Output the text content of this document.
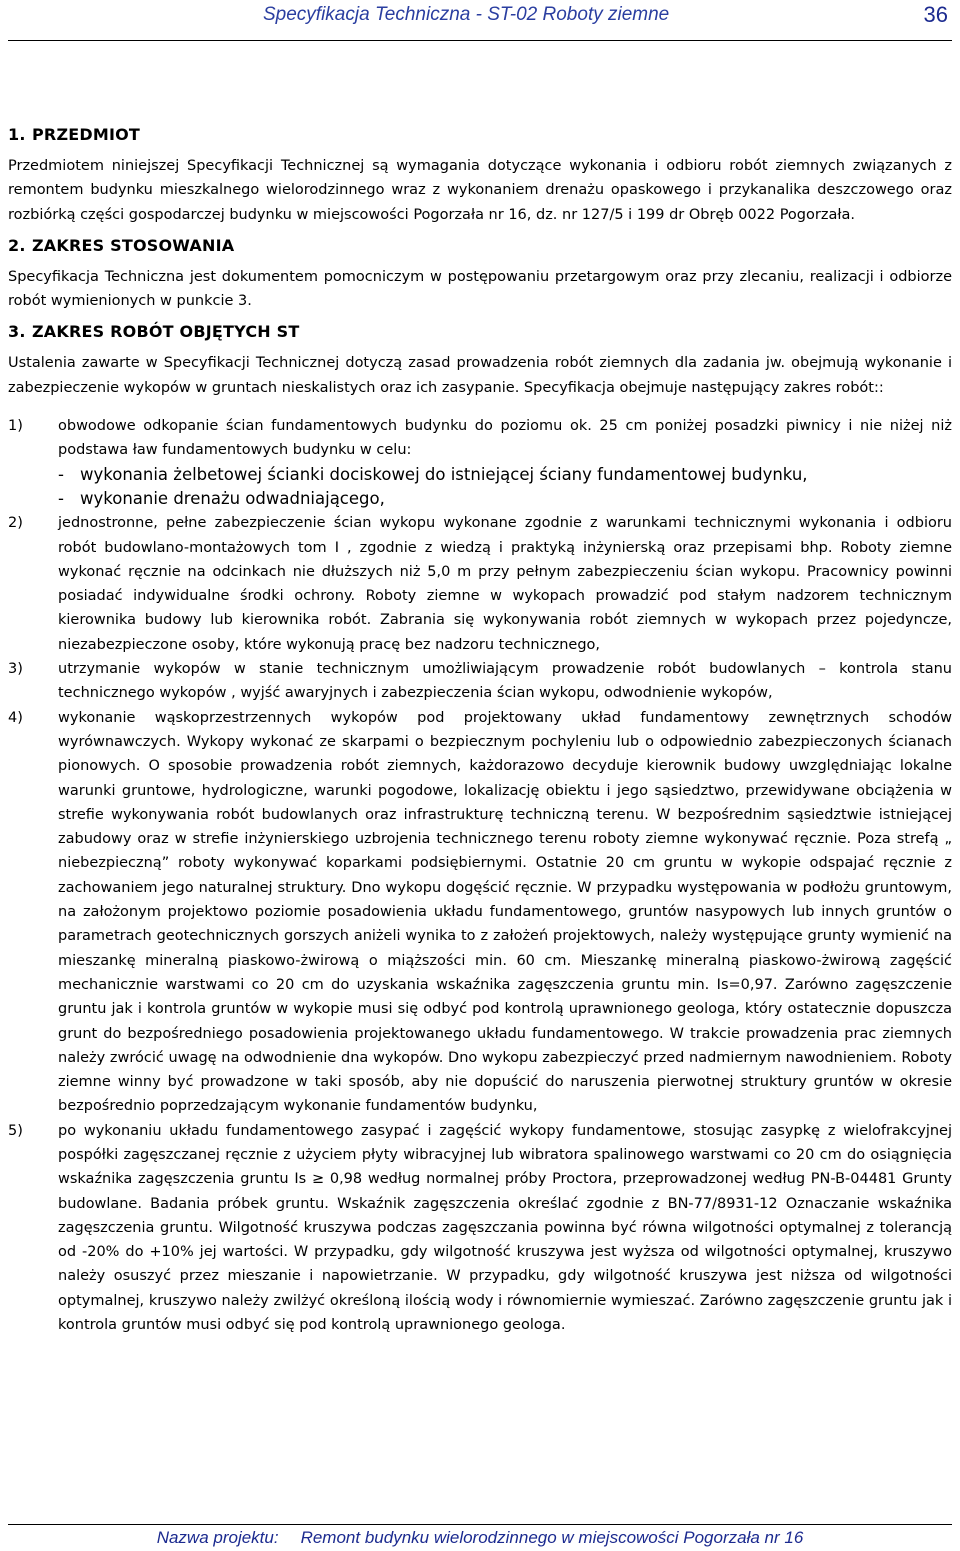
Specyfikacja Techniczna - ST-02 Roboty ziemne	36
1. PRZEDMIOT

Przedmiotem niniejszej Specyfikacji Technicznej są wymagania dotyczące wykonania i odbioru robót ziemnych związanych z remontem budynku mieszkalnego wielorodzinnego wraz z wykonaniem drenażu opaskowego i przykanalika deszczowego oraz rozbiórką części gospodarczej budynku w miejscowości Pogorzała nr 16, dz. nr 127/5 i 199 dr Obręb 0022 Pogorzała.

2. ZAKRES STOSOWANIA

Specyfikacja Techniczna jest dokumentem pomocniczym w postępowaniu przetargowym oraz przy zlecaniu, realizacji i odbiorze robót wymienionych w punkcie 3.

3. ZAKRES ROBÓT OBJĘTYCH ST

Ustalenia zawarte w Specyfikacji Technicznej dotyczą zasad prowadzenia robót ziemnych dla zadania jw. obejmują wykonanie i zabezpieczenie wykopów w gruntach nieskalistych oraz ich zasypanie. Specyfikacja obejmuje następujący zakres robót::

1) obwodowe odkopanie ścian fundamentowych budynku do poziomu ok. 25 cm poniżej posadzki piwnicy i nie niżej niż podstawa ław fundamentowych budynku w celu:

- wykonania żelbetowej ścianki dociskowej do istniejącej ściany fundamentowej budynku,
- wykonanie drenażu odwadniającego,
2) jednostronne, pełne zabezpieczenie ścian wykopu wykonane zgodnie z warunkami technicznymi wykonania i odbioru robót budowlano-montażowych tom I , zgodnie z wiedzą i praktyką inżynierską oraz przepisami bhp. Roboty ziemne wykonać ręcznie na odcinkach nie dłuższych niż 5,0 m przy pełnym zabezpieczeniu ścian wykopu. Pracownicy powinni posiadać indywidualne środki ochrony. Roboty ziemne w wykopach prowadzić pod stałym nadzorem technicznym kierownika budowy lub kierownika robót. Zabrania się wykonywania robót ziemnych w wykopach przez pojedyncze, niezabezpieczone osoby, które wykonują pracę bez nadzoru technicznego,

3) utrzymanie wykopów w stanie technicznym umożliwiającym prowadzenie robót budowlanych – kontrola stanu technicznego wykopów , wyjść awaryjnych i zabezpieczenia ścian wykopu, odwodnienie wykopów,

4) wykonanie wąskoprzestrzennych wykopów pod projektowany układ fundamentowy zewnętrznych schodów wyrównawczych. Wykopy wykonać ze skarpami o bezpiecznym pochyleniu lub o odpowiednio zabezpieczonych ścianach pionowych. O sposobie prowadzenia robót ziemnych, każdorazowo decyduje kierownik budowy uwzględniając lokalne warunki gruntowe, hydrologiczne, warunki pogodowe, lokalizację obiektu i jego sąsiedztwo, przewidywane obciążenia w strefie wykonywania robót budowlanych oraz infrastrukturę techniczną terenu. W bezpośrednim sąsiedztwie istniejącej zabudowy oraz w strefie inżynierskiego uzbrojenia technicznego terenu roboty ziemne wykonywać ręcznie. Poza strefą „ niebezpieczną” roboty wykonywać koparkami podsiębiernymi. Ostatnie 20 cm gruntu w wykopie odspajać ręcznie z zachowaniem jego naturalnej struktury. Dno wykopu dogęścić ręcznie. W przypadku występowania w podłożu gruntowym, na założonym projektowo poziomie posadowienia układu fundamentowego, gruntów nasypowych lub innych gruntów o parametrach geotechnicznych gorszych aniżeli wynika to z założeń projektowych, należy występujące grunty wymienić na mieszankę mineralną piaskowo-żwirową o miąższości min. 60 cm. Mieszankę mineralną piaskowo-żwirową zagęścić mechanicznie warstwami co 20 cm do uzyskania wskaźnika zagęszczenia gruntu min. Is=0,97. Zarówno zagęszczenie gruntu jak i kontrola gruntów w wykopie musi się odbyć pod kontrolą uprawnionego geologa, który ostatecznie dopuszcza grunt do bezpośredniego posadowienia projektowanego układu fundamentowego. W trakcie prowadzenia prac ziemnych należy zwrócić uwagę na odwodnienie dna wykopów. Dno wykopu zabezpieczyć przed nadmiernym nawodnieniem. Roboty ziemne winny być prowadzone w taki sposób, aby nie dopuścić do naruszenia pierwotnej struktury gruntów w okresie bezpośrednio poprzedzającym wykonanie fundamentów budynku,

5) po wykonaniu układu fundamentowego zasypać i zagęścić wykopy fundamentowe, stosując zasypkę z wielofrakcyjnej pospółki zagęszczanej ręcznie z użyciem płyty wibracyjnej lub wibratora spalinowego warstwami co 20 cm do osiągnięcia wskaźnika zagęszczenia gruntu Is ≥ 0,98 według normalnej próby Proctora, przeprowadzonej według PN-B-04481 Grunty budowlane. Badania próbek gruntu. Wskaźnik zagęszczenia określać zgodnie z BN-77/8931-12 Oznaczanie wskaźnika zagęszczenia gruntu. Wilgotność kruszywa podczas zagęszczania powinna być równa wilgotności optymalnej z tolerancją od -20% do +10% jej wartości. W przypadku, gdy wilgotność kruszywa jest wyższa od wilgotności optymalnej, kruszywo należy osuszyć przez mieszanie i napowietrzanie. W przypadku, gdy wilgotność kruszywa jest niższa od wilgotności optymalnej, kruszywo należy zwilżyć określoną ilością wody i równomiernie wymieszać. Zarówno zagęszczenie gruntu jak i kontrola gruntów musi odbyć się pod kontrolą uprawnionego geologa.

Nazwa projektu: Remont budynku wielorodzinnego w miejscowości Pogorzała nr 16
